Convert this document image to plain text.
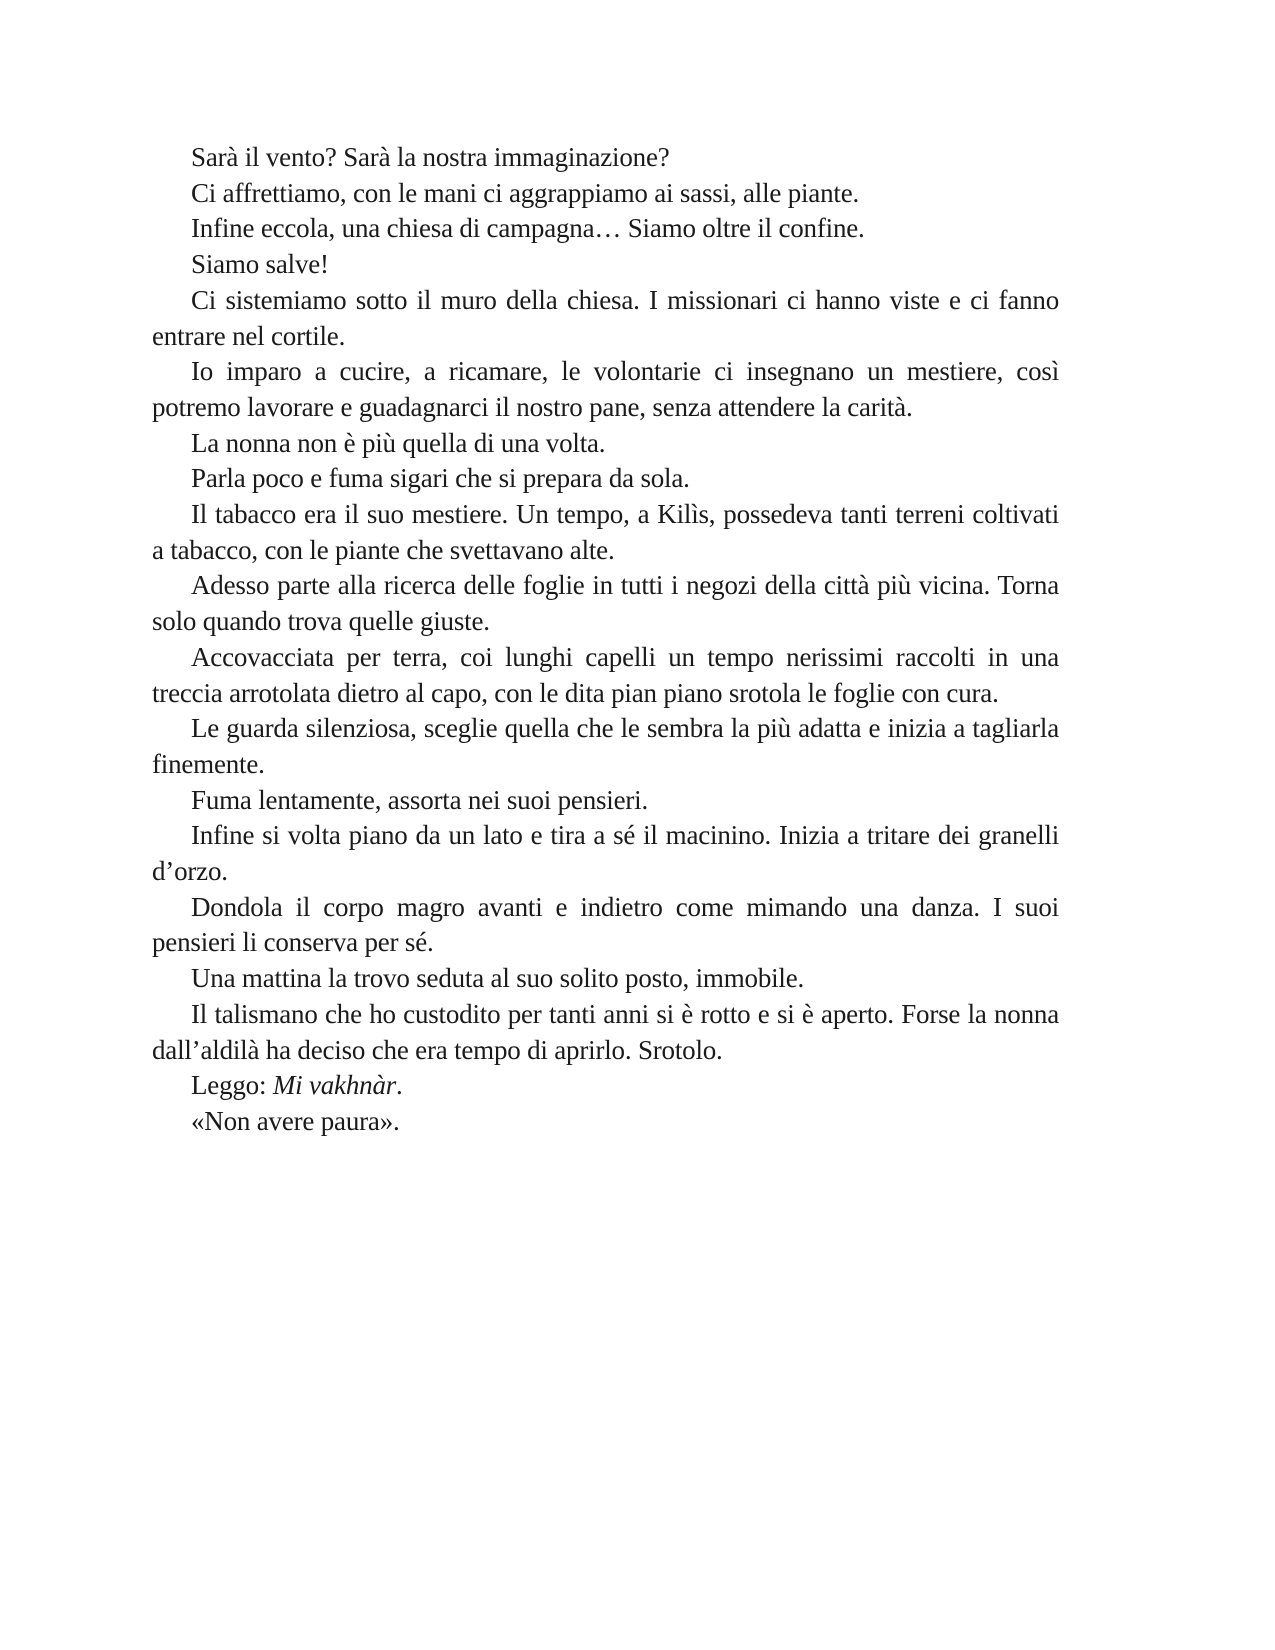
Sarà il vento? Sarà la nostra immaginazione?

Ci affrettiamo, con le mani ci aggrappiamo ai sassi, alle piante.

Infine eccola, una chiesa di campagna… Siamo oltre il confine.

Siamo salve!

Ci sistemiamo sotto il muro della chiesa. I missionari ci hanno viste e ci fanno entrare nel cortile.

Io imparo a cucire, a ricamare, le volontarie ci insegnano un mestiere, così potremo lavorare e guadagnarci il nostro pane, senza attendere la carità.

La nonna non è più quella di una volta.

Parla poco e fuma sigari che si prepara da sola.

Il tabacco era il suo mestiere. Un tempo, a Kilìs, possedeva tanti terreni coltivati a tabacco, con le piante che svettavano alte.

Adesso parte alla ricerca delle foglie in tutti i negozi della città più vicina. Torna solo quando trova quelle giuste.

Accovacciata per terra, coi lunghi capelli un tempo nerissimi raccolti in una treccia arrotolata dietro al capo, con le dita pian piano srotola le foglie con cura.

Le guarda silenziosa, sceglie quella che le sembra la più adatta e inizia a tagliarla finemente.

Fuma lentamente, assorta nei suoi pensieri.

Infine si volta piano da un lato e tira a sé il macinino. Inizia a tritare dei granelli d’orzo.

Dondola il corpo magro avanti e indietro come mimando una danza. I suoi pensieri li conserva per sé.

Una mattina la trovo seduta al suo solito posto, immobile.

Il talismano che ho custodito per tanti anni si è rotto e si è aperto. Forse la nonna dall’aldilà ha deciso che era tempo di aprirlo. Srotolo.

Leggo: Mi vakhnàr.

«Non avere paura».
